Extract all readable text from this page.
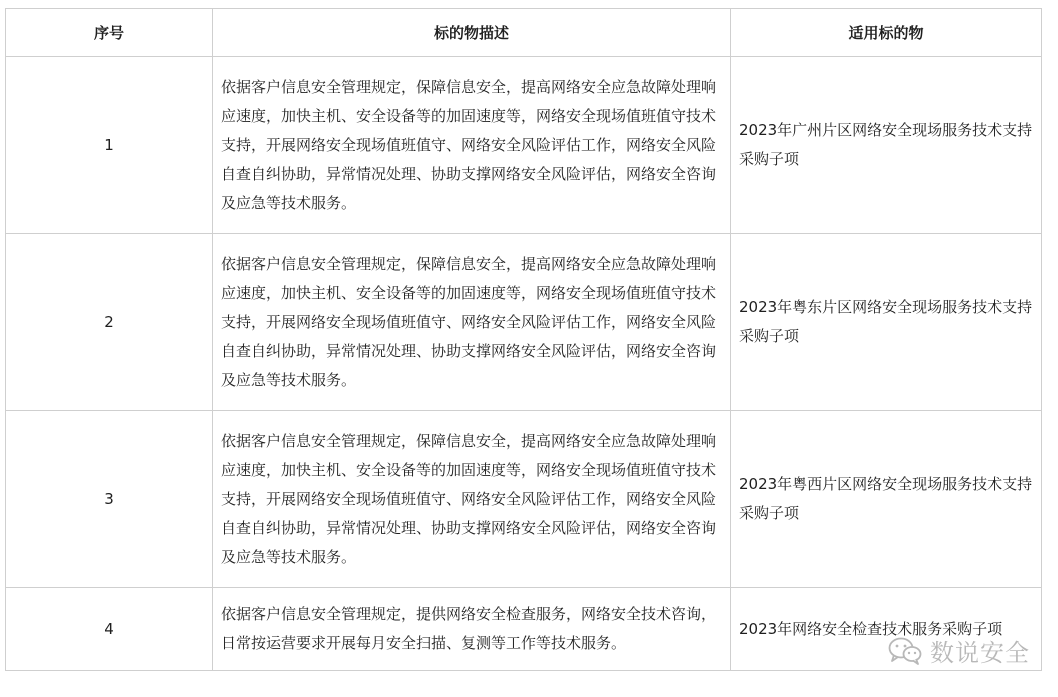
序号	标的物描述	适用标的物
1	依据客户信息安全管理规定，保障信息安全，提高网络安全应急故障处理响应速度，加快主机、安全设备等的加固速度等，网络安全现场值班值守技术支持，开展网络安全现场值班值守、网络安全风险评估工作，网络安全风险自查自纠协助，异常情况处理、协助支撑网络安全风险评估，网络安全咨询及应急等技术服务。	2023年广州片区网络安全现场服务技术支持采购子项
2	依据客户信息安全管理规定，保障信息安全，提高网络安全应急故障处理响应速度，加快主机、安全设备等的加固速度等，网络安全现场值班值守技术支持，开展网络安全现场值班值守、网络安全风险评估工作，网络安全风险自查自纠协助，异常情况处理、协助支撑网络安全风险评估，网络安全咨询及应急等技术服务。	2023年粤东片区网络安全现场服务技术支持采购子项
3	依据客户信息安全管理规定，保障信息安全，提高网络安全应急故障处理响应速度，加快主机、安全设备等的加固速度等，网络安全现场值班值守技术支持，开展网络安全现场值班值守、网络安全风险评估工作，网络安全风险自查自纠协助，异常情况处理、协助支撑网络安全风险评估，网络安全咨询及应急等技术服务。	2023年粤西片区网络安全现场服务技术支持采购子项
4	依据客户信息安全管理规定，提供网络安全检查服务，网络安全技术咨询，日常按运营要求开展每月安全扫描、复测等工作等技术服务。	2023年网络安全检查技术服务采购子项
数说安全
